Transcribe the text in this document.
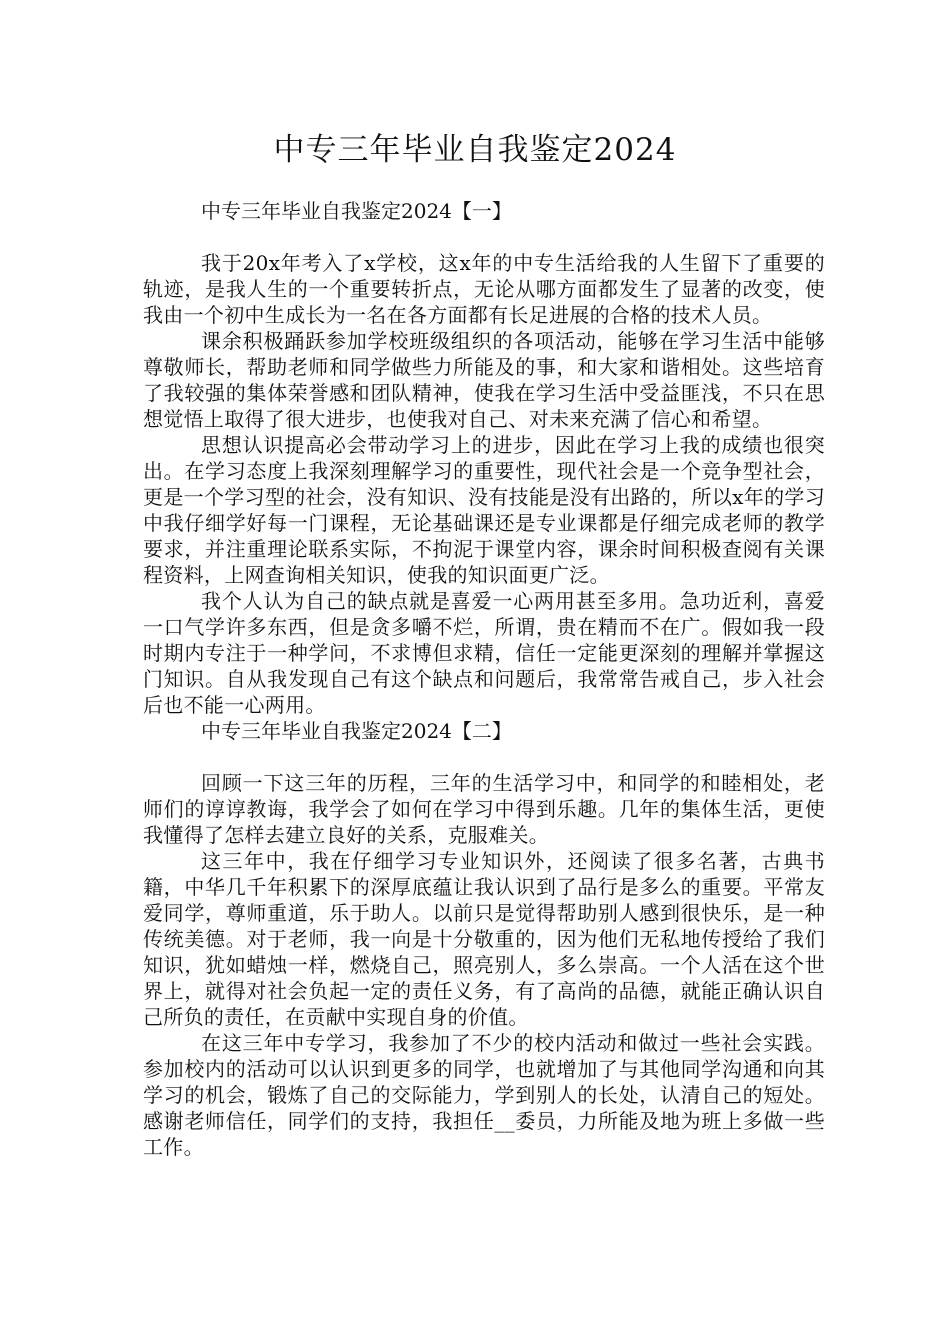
中专三年毕业自我鉴定2024

中专三年毕业自我鉴定2024【一】

我于20x年考入了x学校，这x年的中专生活给我的人生留下了重要的轨迹，是我人生的一个重要转折点，无论从哪方面都发生了显著的改变，使我由一个初中生成长为一名在各方面都有长足进展的合格的技术人员。

课余积极踊跃参加学校班级组织的各项活动，能够在学习生活中能够尊敬师长，帮助老师和同学做些力所能及的事，和大家和谐相处。这些培育了我较强的集体荣誉感和团队精神，使我在学习生活中受益匪浅，不只在思想觉悟上取得了很大进步，也使我对自己、对未来充满了信心和希望。

思想认识提高必会带动学习上的进步，因此在学习上我的成绩也很突出。在学习态度上我深刻理解学习的重要性，现代社会是一个竞争型社会，更是一个学习型的社会，没有知识、没有技能是没有出路的，所以x年的学习中我仔细学好每一门课程，无论基础课还是专业课都是仔细完成老师的教学要求，并注重理论联系实际，不拘泥于课堂内容，课余时间积极查阅有关课程资料，上网查询相关知识，使我的知识面更广泛。

我个人认为自己的缺点就是喜爱一心两用甚至多用。急功近利，喜爱一口气学许多东西，但是贪多嚼不烂，所谓，贵在精而不在广。假如我一段时期内专注于一种学问，不求博但求精，信任一定能更深刻的理解并掌握这门知识。自从我发现自己有这个缺点和问题后，我常常告戒自己，步入社会后也不能一心两用。

中专三年毕业自我鉴定2024【二】

回顾一下这三年的历程，三年的生活学习中，和同学的和睦相处，老师们的谆谆教诲，我学会了如何在学习中得到乐趣。几年的集体生活，更使我懂得了怎样去建立良好的关系，克服难关。

这三年中，我在仔细学习专业知识外，还阅读了很多名著，古典书籍，中华几千年积累下的深厚底蕴让我认识到了品行是多么的重要。平常友爱同学，尊师重道，乐于助人。以前只是觉得帮助别人感到很快乐，是一种传统美德。对于老师，我一向是十分敬重的，因为他们无私地传授给了我们知识，犹如蜡烛一样，燃烧自己，照亮别人，多么崇高。一个人活在这个世界上，就得对社会负起一定的责任义务，有了高尚的品德，就能正确认识自己所负的责任，在贡献中实现自身的价值。

在这三年中专学习，我参加了不少的校内活动和做过一些社会实践。参加校内的活动可以认识到更多的同学，也就增加了与其他同学沟通和向其学习的机会，锻炼了自己的交际能力，学到别人的长处，认清自己的短处。感谢老师信任，同学们的支持，我担任__委员，力所能及地为班上多做一些工作。
